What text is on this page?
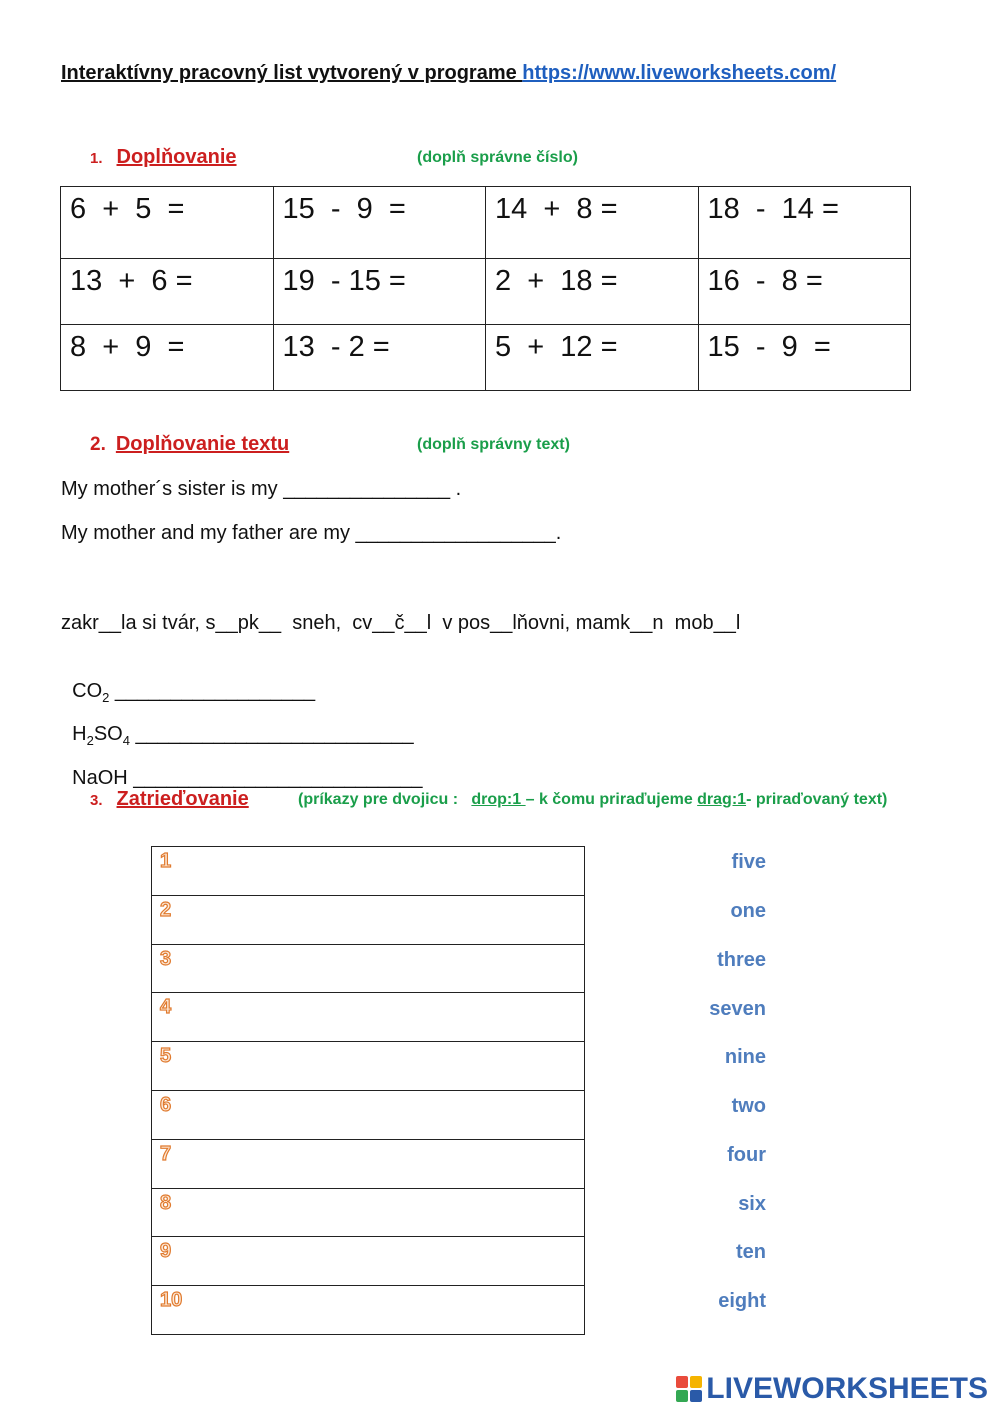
Interaktívny pracovný list vytvorený v programe https://www.liveworksheets.com/
1. Doplňovanie	(doplň správne číslo)
6  +  5  =	15  -  9  =	14  +  8 =	18  -  14 =
13  +  6 =	19  - 15 =	2  +  18 =	16  -  8 =
8  +  9  =	13  - 2 =	5  +  12 =	15  -  9  =
2. Doplňovanie textu	(doplň správny text)
My mother´s sister is my _______________ .
My mother and my father are my __________________.
zakr__la si tvár, s__pk__  sneh,  cv__č__l  v pos__lňovni, mamk__n  mob__l

$CO_2$ __________________

$H_2SO_4$ _________________________

NaOH __________________________

3. Zatrieďovanie	(príkazy pre dvojicu :   drop:1 – k čomu priraďujeme drag:1- priraďovaný text)
1
2
3
4
5
6
7
8
9
10
five
one
three
seven
nine
two
four
six
ten
eight
LIVEWORKSHEETS
